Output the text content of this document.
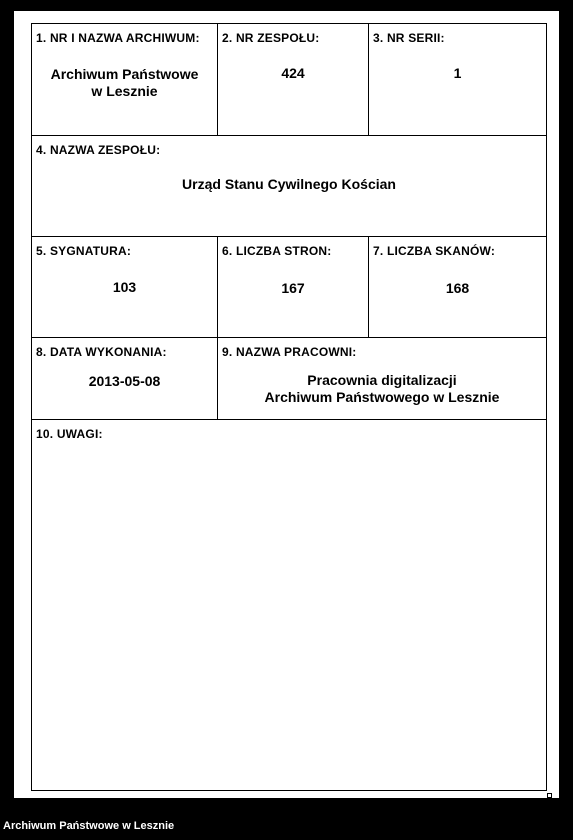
1. NR I NAZWA ARCHIWUM:
Archiwum Państwowe
w Lesznie
2. NR ZESPOŁU:
424
3. NR SERII:
1
4. NAZWA ZESPOŁU:
Urząd Stanu Cywilnego Kościan
5. SYGNATURA:
103
6. LICZBA STRON:
167
7. LICZBA SKANÓW:
168
8. DATA WYKONANIA:
2013-05-08
9. NAZWA PRACOWNI:
Pracownia digitalizacji
Archiwum Państwowego w Lesznie
10. UWAGI:
Archiwum Państwowe w Lesznie
